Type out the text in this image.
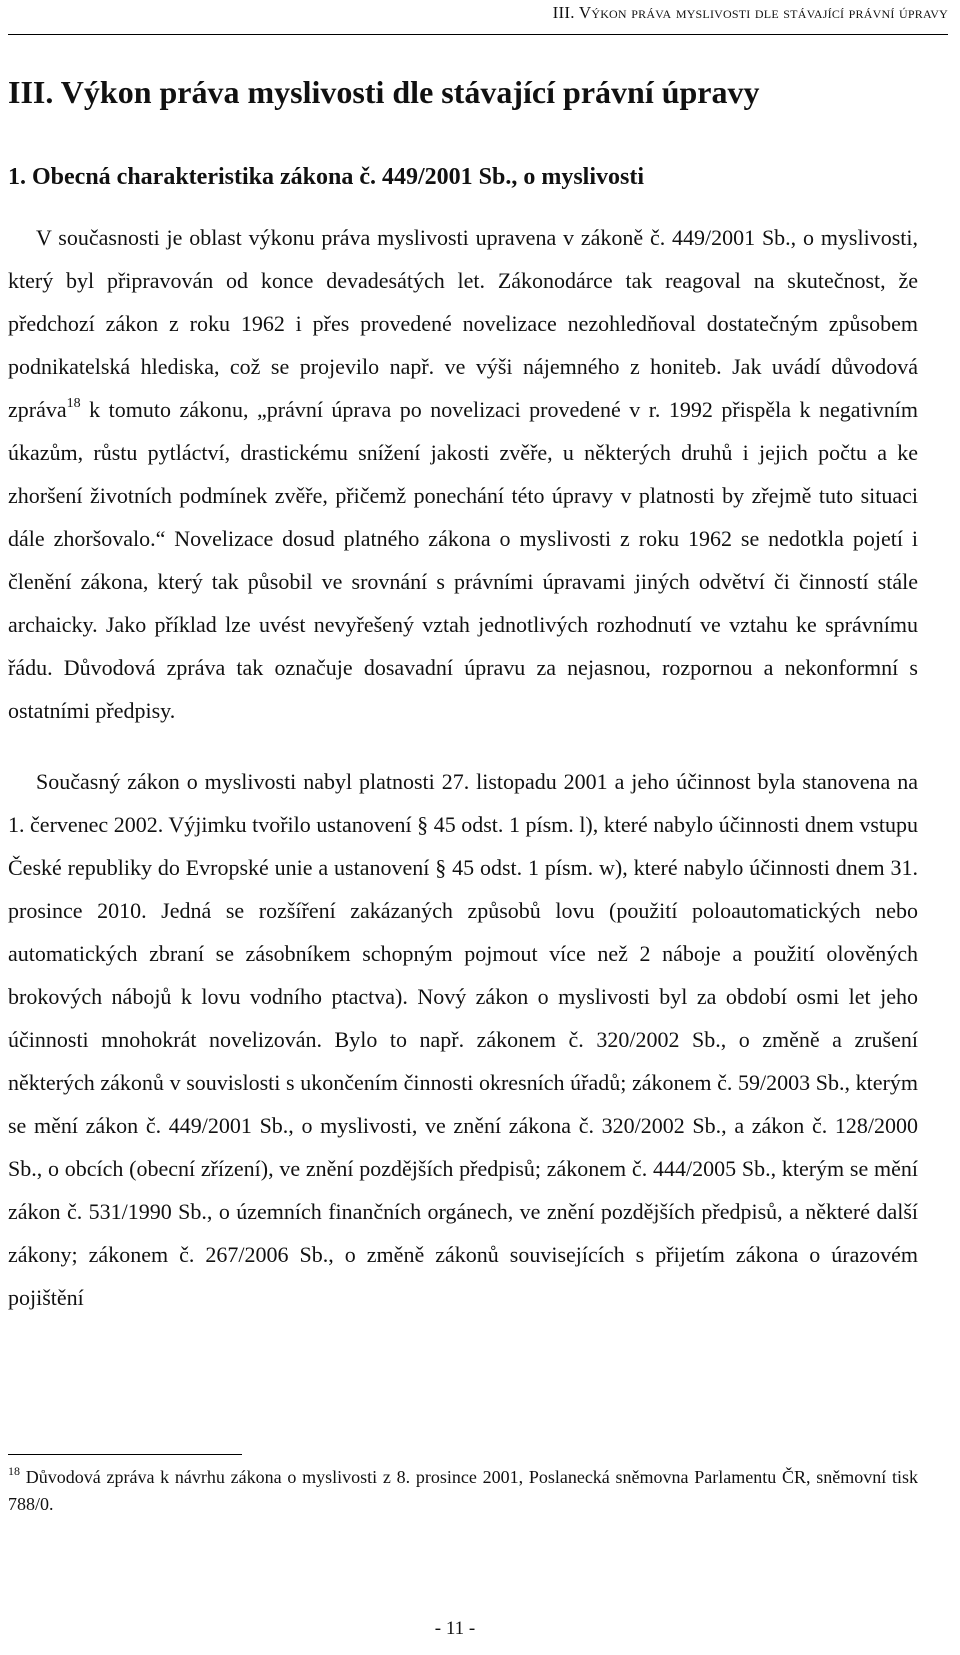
III. Výkon práva myslivosti dle stávající právní úpravy
III. Výkon práva myslivosti dle stávající právní úpravy
1. Obecná charakteristika zákona č. 449/2001 Sb., o myslivosti

V současnosti je oblast výkonu práva myslivosti upravena v zákoně č. 449/2001 Sb., o myslivosti, který byl připravován od konce devadesátých let. Zákonodárce tak reagoval na skutečnost, že předchozí zákon z roku 1962 i přes provedené novelizace nezohledňoval dostatečným způsobem podnikatelská hlediska, což se projevilo např. ve výši nájemného z honiteb. Jak uvádí důvodová zpráva$^{18}$ k tomuto zákonu, „právní úprava po novelizaci provedené v r. 1992 přispěla k negativním úkazům, růstu pytláctví, drastickému snížení jakosti zvěře, u některých druhů i jejich počtu a ke zhoršení životních podmínek zvěře, přičemž ponechání této úpravy v platnosti by zřejmě tuto situaci dále zhoršovalo.“ Novelizace dosud platného zákona o myslivosti z roku 1962 se nedotkla pojetí i členění zákona, který tak působil ve srovnání s právními úpravami jiných odvětví či činností stále archaicky. Jako příklad lze uvést nevyřešený vztah jednotlivých rozhodnutí ve vztahu ke správnímu řádu. Důvodová zpráva tak označuje dosavadní úpravu za nejasnou, rozpornou a nekonformní s ostatními předpisy.

Současný zákon o myslivosti nabyl platnosti 27. listopadu 2001 a jeho účinnost byla stanovena na 1. červenec 2002. Výjimku tvořilo ustanovení § 45 odst. 1 písm. l), které nabylo účinnosti dnem vstupu České republiky do Evropské unie a ustanovení § 45 odst. 1 písm. w), které nabylo účinnosti dnem 31. prosince 2010. Jedná se rozšíření zakázaných způsobů lovu (použití poloautomatických nebo automatických zbraní se zásobníkem schopným pojmout více než 2 náboje a použití olověných brokových nábojů k lovu vodního ptactva). Nový zákon o myslivosti byl za období osmi let jeho účinnosti mnohokrát novelizován. Bylo to např. zákonem č. 320/2002 Sb., o změně a zrušení některých zákonů v souvislosti s ukončením činnosti okresních úřadů; zákonem č. 59/2003 Sb., kterým se mění zákon č. 449/2001 Sb., o myslivosti, ve znění zákona č. 320/2002 Sb., a zákon č. 128/2000 Sb., o obcích (obecní zřízení), ve znění pozdějších předpisů; zákonem č. 444/2005 Sb., kterým se mění zákon č. 531/1990 Sb., o územních finančních orgánech, ve znění pozdějších předpisů, a některé další zákony; zákonem č. 267/2006 Sb., o změně zákonů souvisejících s přijetím zákona o úrazovém pojištění

$^{18}$ Důvodová zpráva k návrhu zákona o myslivosti z 8. prosince 2001, Poslanecká sněmovna Parlamentu ČR, sněmovní tisk 788/0.
- 11 -
